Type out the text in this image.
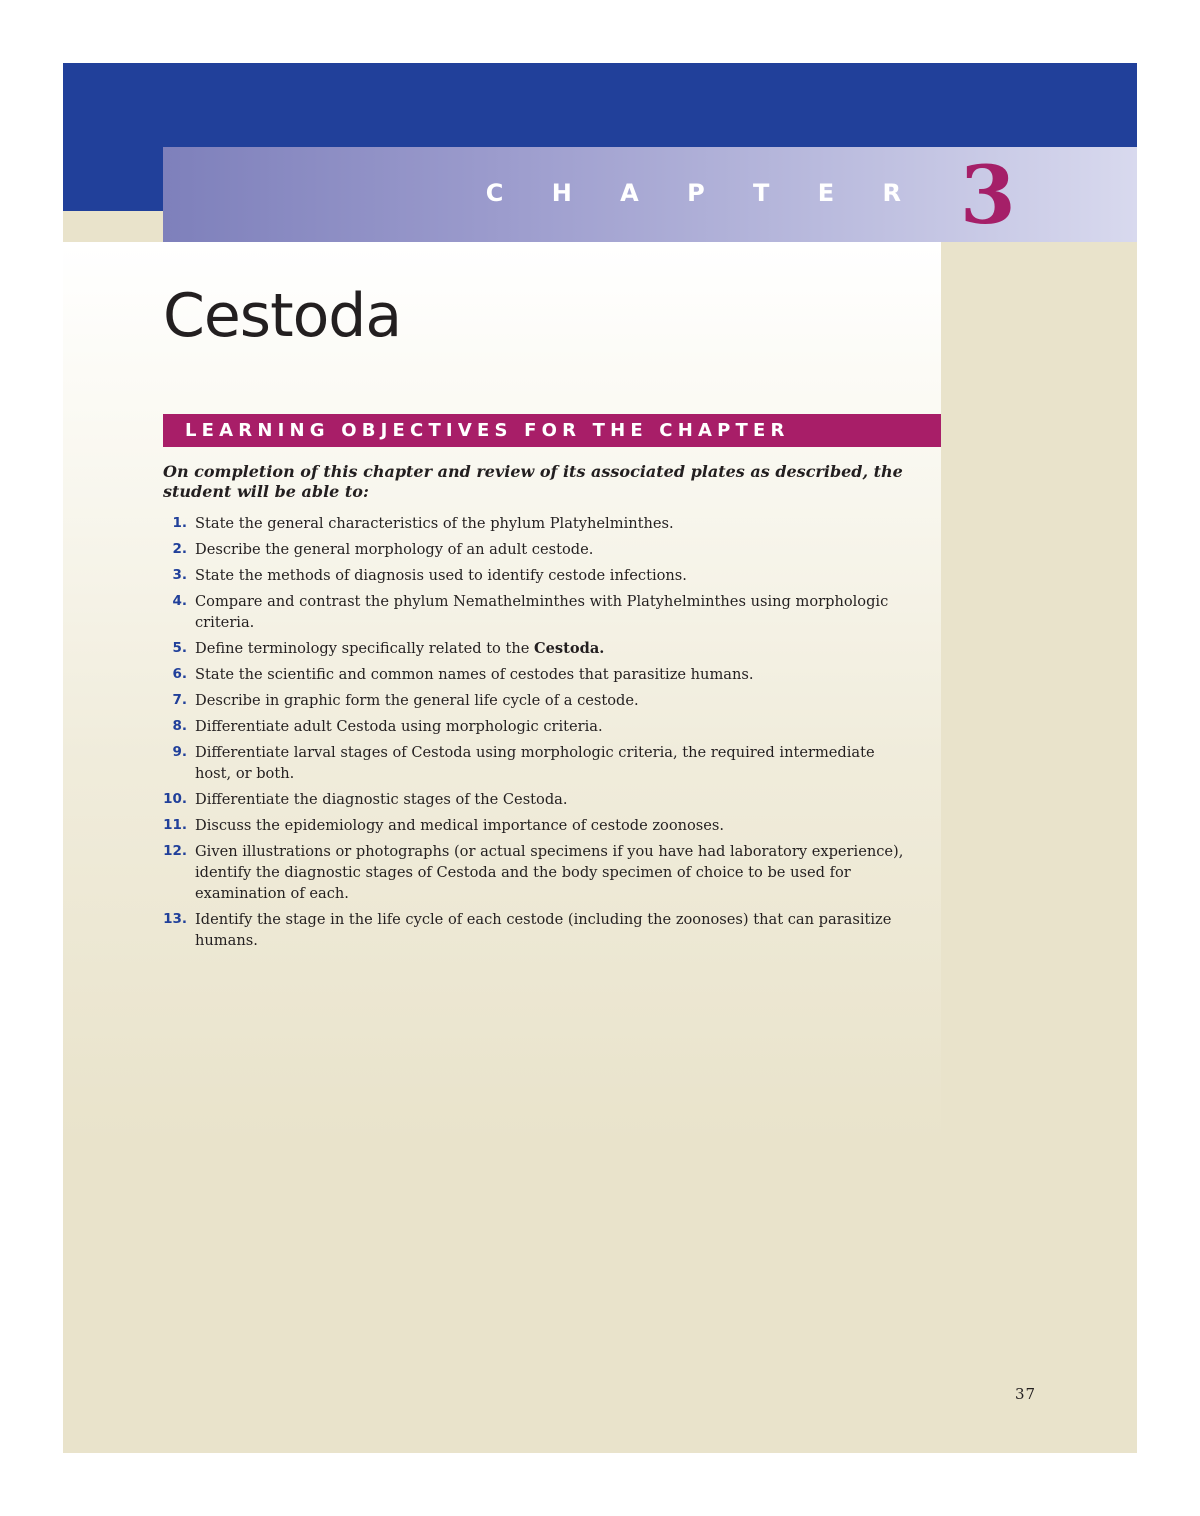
C H A P T E R 3
Cestoda
LEARNING OBJECTIVES FOR THE CHAPTER
On completion of this chapter and review of its associated plates as described, the student will be able to:
1. State the general characteristics of the phylum Platyhelminthes.
2. Describe the general morphology of an adult cestode.
3. State the methods of diagnosis used to identify cestode infections.
4. Compare and contrast the phylum Nemathelminthes with Platyhelminthes using morphologic criteria.
5. Define terminology specifically related to the Cestoda.
6. State the scientific and common names of cestodes that parasitize humans.
7. Describe in graphic form the general life cycle of a cestode.
8. Differentiate adult Cestoda using morphologic criteria.
9. Differentiate larval stages of Cestoda using morphologic criteria, the required intermediate host, or both.
10. Differentiate the diagnostic stages of the Cestoda.
11. Discuss the epidemiology and medical importance of cestode zoonoses.
12. Given illustrations or photographs (or actual specimens if you have had laboratory experience), identify the diagnostic stages of Cestoda and the body specimen of choice to be used for examination of each.
13. Identify the stage in the life cycle of each cestode (including the zoonoses) that can parasitize humans.
37
